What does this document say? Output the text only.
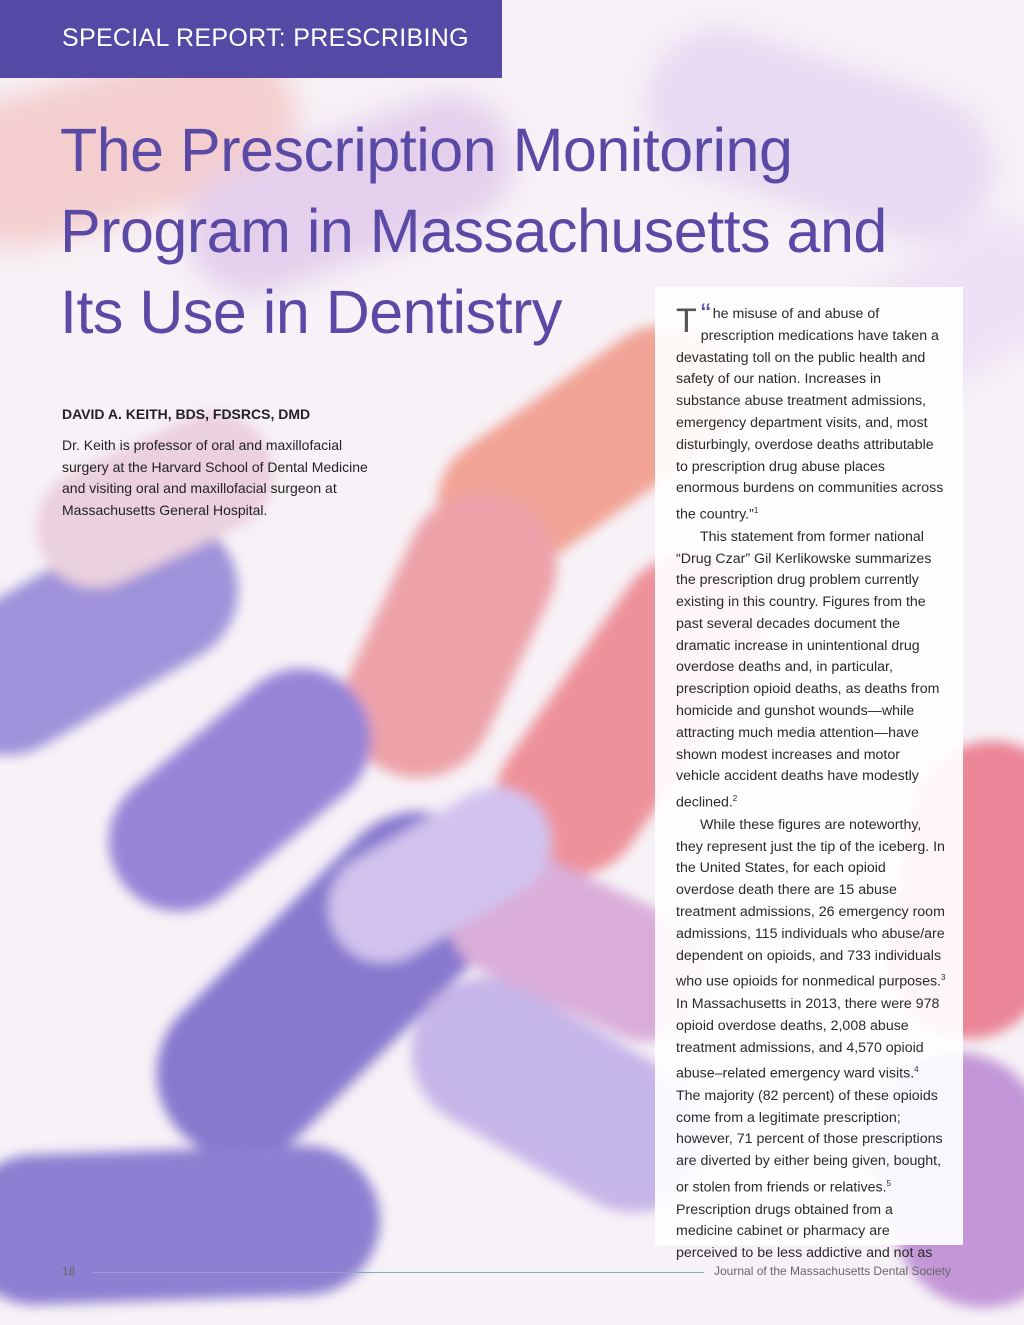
SPECIAL REPORT: PRESCRIBING
The Prescription Monitoring Program in Massachusetts and Its Use in Dentistry
DAVID A. KEITH, BDS, FDSRCS, DMD
Dr. Keith is professor of oral and maxillofacial surgery at the Harvard School of Dental Medicine and visiting oral and maxillofacial surgeon at Massachusetts General Hospital.

“
T he misuse of and abuse of prescription medications have taken a devastating toll on the public health and safety of our nation. Increases in substance abuse treatment admissions, emergency department visits, and, most disturbingly, overdose deaths attributable to prescription drug abuse places enormous burdens on communities across the country.”$^1$

This statement from former national “Drug Czar” Gil Kerlikowske summarizes the prescription drug problem currently existing in this country. Figures from the past several decades document the dramatic increase in unintentional drug overdose deaths and, in particular, prescription opioid deaths, as deaths from homicide and gunshot wounds—while attracting much media attention—have shown modest increases and motor vehicle accident deaths have modestly declined.$^2$

While these figures are noteworthy, they represent just the tip of the iceberg. In the United States, for each opioid overdose death there are 15 abuse treatment admissions, 26 emergency room admissions, 115 individuals who abuse/are dependent on opioids, and 733 individuals who use opioids for nonmedical purposes.$^3$ In Massachusetts in 2013, there were 978 opioid overdose deaths, 2,008 abuse treatment admissions, and 4,570 opioid abuse–related emergency ward visits.$^4$ The majority (82 percent) of these opioids come from a legitimate prescription; however, 71 percent of those prescriptions are diverted by either being given, bought, or stolen from friends or relatives.$^5$ Prescription drugs obtained from a medicine cabinet or pharmacy are perceived to be less addictive and not as

18	Journal of the Massachusetts Dental Society
